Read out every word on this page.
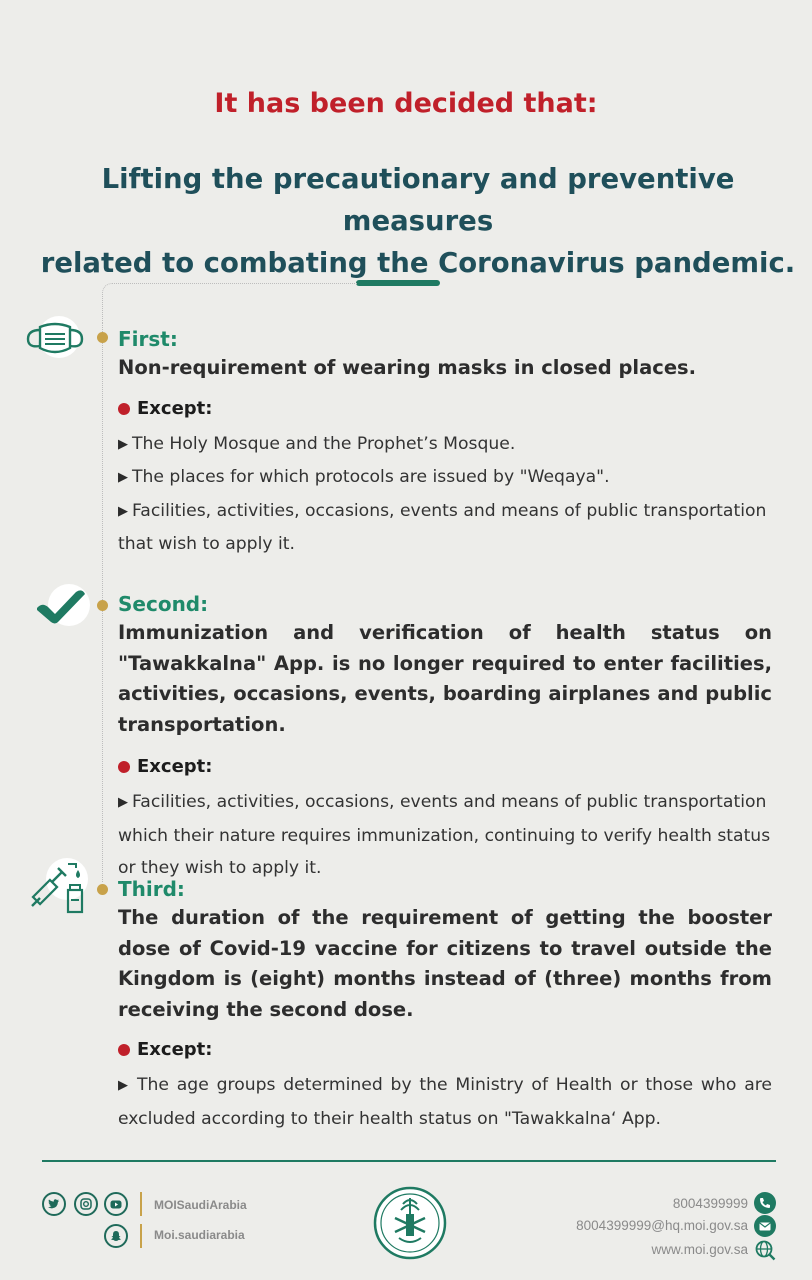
It has been decided that:
Lifting the precautionary and preventive measures
related to combating the Coronavirus pandemic.

First:

Non-requirement of wearing masks in closed places.

Except:
▶ The Holy Mosque and the Prophet’s Mosque.
▶ The places for which protocols are issued by "Weqaya".
▶ Facilities, activities, occasions, events and means of public transportation that wish to apply it.

Second:

Immunization and verification of health status on "Tawakkalna" App. is no longer required to enter facilities, activities, occasions, events, boarding airplanes and public transportation.

Except:
▶ Facilities, activities, occasions, events and means of public transportation which their nature requires immunization, continuing to verify health status or they wish to apply it.

Third:

The duration of the requirement of getting the booster dose of Covid-19 vaccine for citizens to travel outside the Kingdom is (eight) months instead of (three) months from receiving the second dose.

Except:
▶ The age groups determined by the Ministry of Health or those who are excluded according to their health status on "Tawakkalna‘ App.
MOISaudiArabia
Moi.saudiarabia
8004399999
8004399999@hq.moi.gov.sa
www.moi.gov.sa
